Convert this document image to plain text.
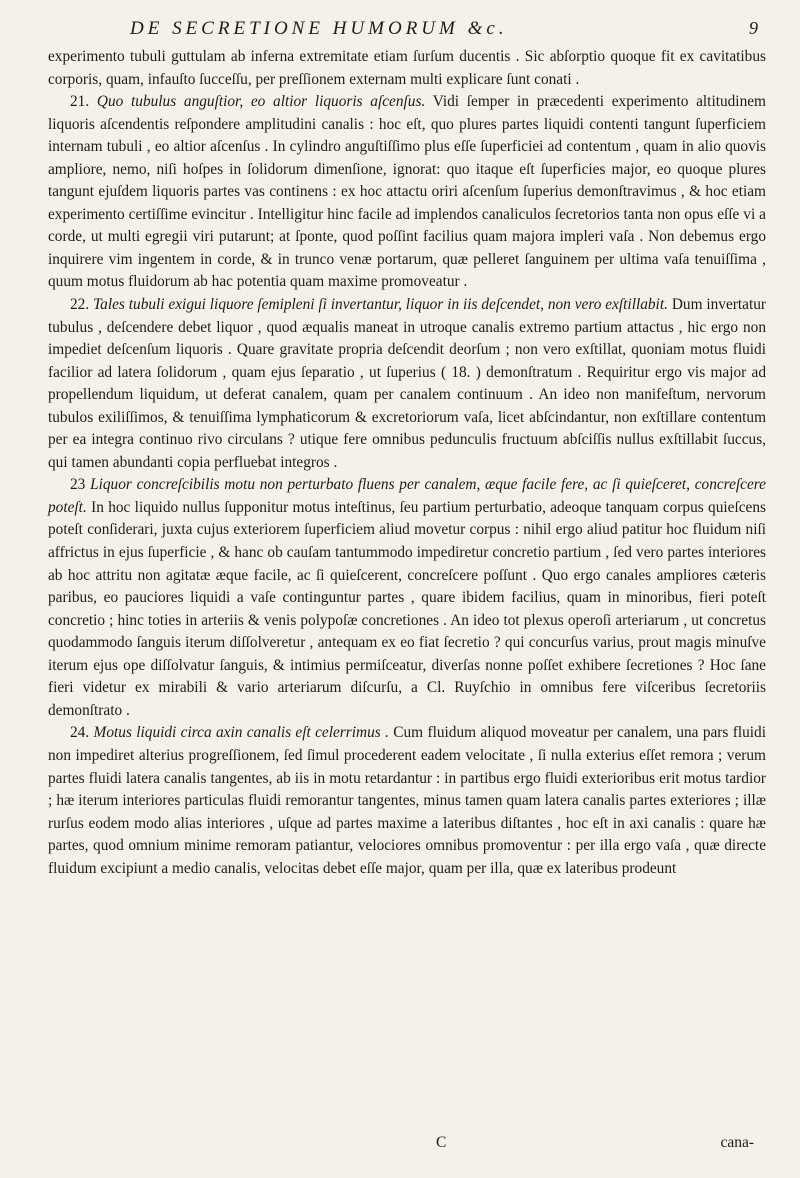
DE SECRETIONE HUMORUM &c.	9

experimento tubuli guttulam ab inferna extremitate etiam ſurſum ducentis . Sic abſorptio quoque fit ex cavitatibus corporis, quam, infauſto ſucceſſu, per preſſionem externam multi explicare ſunt conati .

21. Quo tubulus anguſtior, eo altior liquoris aſcenſus. Vidi ſemper in præcedenti experimento altitudinem liquoris aſcendentis reſpondere amplitudini canalis : hoc eſt, quo plures partes liquidi contenti tangunt ſuperficiem internam tubuli , eo altior aſcenſus . In cylindro anguſtiſſimo plus eſſe ſuperficiei ad contentum , quam in alio quovis ampliore, nemo, niſi hoſpes in ſolidorum dimenſione, ignorat: quo itaque eſt ſuperficies major, eo quoque plures tangunt ejuſdem liquoris partes vas continens : ex hoc attactu oriri aſcenſum ſuperius demonſtravimus , & hoc etiam experimento certiſſime evincitur . Intelligitur hinc facile ad implendos canaliculos ſecretorios tanta non opus eſſe vi a corde, ut multi egregii viri putarunt; at ſponte, quod poſſint facilius quam majora impleri vaſa . Non debemus ergo inquirere vim ingentem in corde, & in trunco venæ portarum, quæ pelleret ſanguinem per ultima vaſa tenuiſſima , quum motus fluidorum ab hac potentia quam maxime promoveatur .

22. Tales tubuli exigui liquore ſemipleni ſi invertantur, liquor in iis deſcendet, non vero exſtillabit. Dum invertatur tubulus , deſcendere debet liquor , quod æqualis maneat in utroque canalis extremo partium attactus , hic ergo non impediet deſcenſum liquoris . Quare gravitate propria deſcendit deorſum ; non vero exſtillat, quoniam motus fluidi facilior ad latera ſolidorum , quam ejus ſeparatio , ut ſuperius ( 18. ) demonſtratum . Requiritur ergo vis major ad propellendum liquidum, ut deferat canalem, quam per canalem continuum . An ideo non manifeſtum, nervorum tubulos exiliſſimos, & tenuiſſima lymphaticorum & excretoriorum vaſa, licet abſcindantur, non exſtillare contentum per ea integra continuo rivo circulans ? utique fere omnibus pedunculis fructuum abſciſſis nullus exſtillabit ſuccus, qui tamen abundanti copia perfluebat integros .

23 Liquor concreſcibilis motu non perturbato fluens per canalem, æque facile fere, ac ſi quieſceret, concreſcere poteſt. In hoc liquido nullus ſupponitur motus inteſtinus, ſeu partium perturbatio, adeoque tanquam corpus quieſcens poteſt conſiderari, juxta cujus exteriorem ſuperficiem aliud movetur corpus : nihil ergo aliud patitur hoc fluidum niſi affrictus in ejus ſuperficie , & hanc ob cauſam tantummodo impediretur concretio partium , ſed vero partes interiores ab hoc attritu non agitatæ æque facile, ac ſi quieſcerent, concreſcere poſſunt . Quo ergo canales ampliores cæteris paribus, eo pauciores liquidi a vaſe continguntur partes , quare ibidem facilius, quam in minoribus, fieri poteſt concretio ; hinc toties in arteriis & venis polypoſæ concretiones . An ideo tot plexus operoſi arteriarum , ut concretus quodammodo ſanguis iterum diſſolveretur , antequam ex eo fiat ſecretio ? qui concurſus varius, prout magis minuſve iterum ejus ope diſſolvatur ſanguis, & intimius permiſceatur, diverſas nonne poſſet exhibere ſecretiones ? Hoc ſane fieri videtur ex mirabili & vario arteriarum diſcurſu, a Cl. Ruyſchio in omnibus fere viſceribus ſecretoriis demonſtrato .

24. Motus liquidi circa axin canalis eſt celerrimus . Cum fluidum aliquod moveatur per canalem, una pars fluidi non impediret alterius progreſſionem, ſed ſimul procederent eadem velocitate , ſi nulla exterius eſſet remora ; verum partes fluidi latera canalis tangentes, ab iis in motu retardantur : in partibus ergo fluidi exterioribus erit motus tardior ; hæ iterum interiores particulas fluidi remorantur tangentes, minus tamen quam latera canalis partes exteriores ; illæ rurſus eodem modo alias interiores , uſque ad partes maxime a lateribus diſtantes , hoc eſt in axi canalis : quare hæ partes, quod omnium minime remoram patiantur, velociores omnibus promoventur : per illa ergo vaſa , quæ directe fluidum excipiunt a medio canalis, velocitas debet eſſe major, quam per illa, quæ ex lateribus prodeunt

C	cana-
